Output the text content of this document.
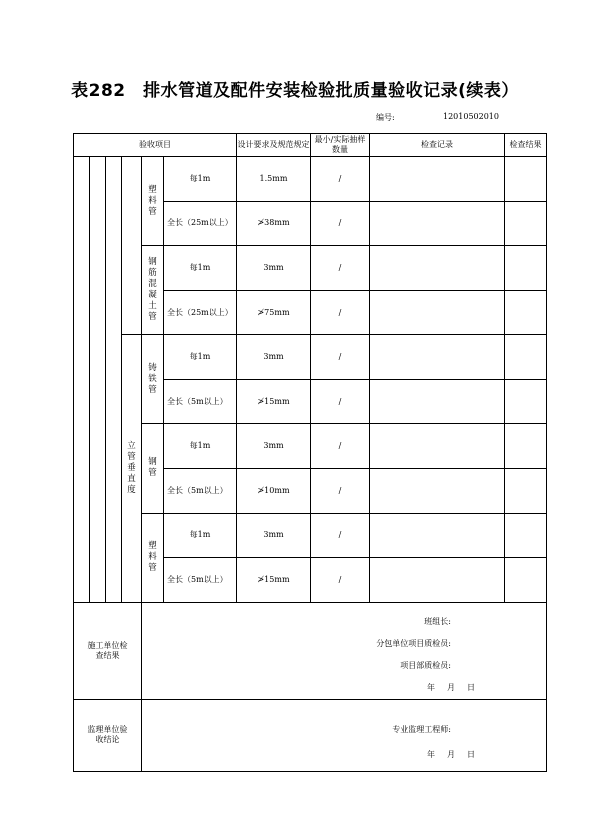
表282　排水管道及配件安装检验批质量验收记录(续表）
编号:	12010502010
验收项目						设计要求及规范规定	最小/实际抽样数量	检查记录	检查结果
				塑料管	每1m	1.5mm	/		
					全长（25m以上）	≯38mm	/		
				钢筋混凝土管	每1m	3mm	/		
					全长（25m以上）	≯75mm	/		
			立管垂直度	铸铁管	每1m	3mm	/		
					全长（5m以上）	≯15mm	/		
				钢管	每1m	3mm	/		
					全长（5m以上）	≯10mm	/		
				塑料管	每1m	3mm	/		
					全长（5m以上）	≯15mm	/		
施工单位检查结果				班组长:
分包单位项目质检员:
项目部质检员:
年 月 日					

监理单位验收结论				专业监理工程师:
年 月 日					
